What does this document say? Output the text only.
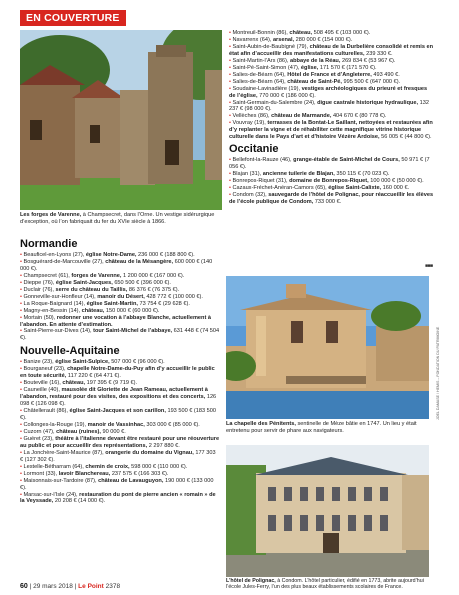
EN COUVERTURE
Les forges de Varenne, à Champsecret, dans l’Orne. Un vestige sidérurgique d’exception, où l’on fabriquait du fer du XVIe siècle à 1866.
Normandie

• Beauficel-en-Lyons (27), église Notre-Dame, 236 000 € (188 800 €).

• Bosguérard-de-Marcouville (27), château de la Mésangère, 600 000 € (140 000 €).

• Champsecret (61), forges de Varenne, 1 200 000 € (167 000 €).

• Dieppe (76), église Saint-Jacques, 650 500 € (396 000 €).

• Duclair (76), serre du château du Taillis, 86 376 € (76 375 €).

• Gonneville-sur-Honfleur (14), manoir du Désert, 428 772 € (100 000 €).

• La Roque-Baignard (14), église Saint-Martin, 73 754 € (29 628 €).

• Magny-en-Bessin (14), château, 150 000 € (60 000 €).

• Mortain (50), redonner une vocation à l’abbaye Blanche, actuellement à l’abandon. En attente d’estimation.

• Saint-Pierre-sur-Dives (14), tour Saint-Michel de l’abbaye, 631 448 € (74 504 €).

Nouvelle-Aquitaine

• Banize (23), église Saint-Sulpice, 507 000 € (96 000 €).

• Bourganeuf (23), chapelle Notre-Dame-du-Puy afin d’y accueillir le public en toute sécurité, 117 220 € (64 471 €).

• Bouteville (16), château, 197 395 € (9 719 €).

• Cauneille (40), mausolée dit Gloriette de Jean Rameau, actuellement à l’abandon, restauré pour des visites, des expositions et des concerts, 126 098 € (126 098 €).

• Châtellerault (86), église Saint-Jacques et son carillon, 193 500 € (183 500 €).

• Collonges-la-Rouge (19), manoir de Vassinhac, 303 000 € (85 000 €).

• Cuzorn (47), château (ruines), 90 000 €.

• Guéret (23), théâtre à l’italienne devant être restauré pour une réouverture au public et pour accueillir des représentations, 2 297 880 €.

• La Jonchère-Saint-Maurice (87), orangerie du domaine du Vignau, 177 303 € (127 302 €).

• Lestelle-Bétharram (64), chemin de croix, 598 000 € (110 000 €).

• Lormont (33), lavoir Blanchereau, 237 575 € (166 303 €).

• Maisonnais-sur-Tardoire (87), château de Lavauguyon, 190 000 € (133 000 €).

• Marsac-sur-l’Isle (24), restauration du pont de pierre ancien « romain » de la Veyssade, 20 208 € (14 000 €).

• Montreuil-Bonnin (86), château, 508 495 € (103 000 €).

• Navarrenx (64), arsenal, 280 000 € (154 000 €).

• Saint-Aubin-de-Baubigné (79), château de la Durbelière consolidé et remis en état afin d’accueillir des manifestations culturelles, 239 330 €.

• Saint-Martin-l’Ars (86), abbaye de la Réau, 269 834 € (53 967 €).

• Saint-Pé-Saint-Simon (47), église, 171 570 € (171 570 €).

• Salies-de-Béarn (64), Hôtel de France et d’Angleterre, 493 490 €.

• Salies-de-Béarn (64), château de Saint-Pé, 995 500 € (647 000 €).

• Soudaine-Lavinadière (19), vestiges archéologiques du prieuré et fresques de l’église, 770 000 € (186 000 €).

• Saint-Germain-du-Salembre (24), digue castrale historique hydraulique, 132 237 € (98 000 €).

• Vellèches (86), château de Marmande, 404 670 € (80 778 €).

• Vouvray (19), terrasses de la Bontat-Le Saillant, nettoyées et restaurées afin d’y replanter la vigne et de réhabiliter cette magnifique vitrine historique culturelle dans le Pays d’art et d’histoire Vézère Ardoise, 56 005 € (44 800 €).

Occitanie

• Bellefont-la-Rauze (46), grange-étable de Saint-Michel de Cours, 50 971 € (7 056 €).

• Blajan (31), ancienne tuilerie de Blajan, 350 115 € (70 023 €).

• Bonrepos-Riquet (31), domaine de Bonrepos-Riquet, 100 000 € (50 000 €).

• Cazaux-Fréchet-Anéran-Camors (65), église Saint-Calixte, 160 000 €.

• Condom (32), sauvegarde de l’hôtel de Polignac, pour réaccueillir les élèves de l’école publique de Condom, 733 000 €.

■■■
La chapelle des Pénitents, sentinelle de Mèze bâtie en 1747. Un lieu y était entretenu pour servir de phare aux navigateurs.
L’hôtel de Polignac, à Condom. L’hôtel particulier, édifié en 1773, abrite aujourd’hui l’école Jules-Ferry, l’un des plus beaux établissements scolaires de France.
JOEL DAMASE / HEMIS – FONDATION DU PATRIMOINE
60 | 29 mars 2018 | Le Point 2378
